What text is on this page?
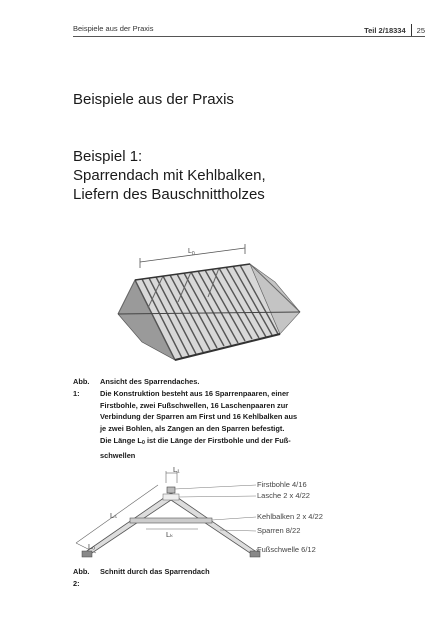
Beispiele aus der Praxis	Teil 2/18334 25
Beispiele aus der Praxis
Beispiel 1:
Sparrendach mit Kehlbalken,
Liefern des Bauschnittholzes
$L_0$
Abb. 1:
Ansicht des Sparrendaches.
Die Konstruktion besteht aus 16 Sparrenpaaren, einer
Firstbohle, zwei Fußschwellen, 16 Laschenpaaren zur
Verbindung der Sparren am First und 16 Kehlbalken aus
je zwei Bohlen, als Zangen an den Sparren befestigt.
Die Länge L0 ist die Länge der Firstbohle und der Fuß-
schwellen
L₁
Lₛ
Lₖ
Lₒ
Firstbohle 4/16
Lasche 2 x 4/22
Kehlbalken 2 x 4/22
Sparren 8/22
Fußschwelle 6/12
Abb. 2:
Schnitt durch das Sparrendach
